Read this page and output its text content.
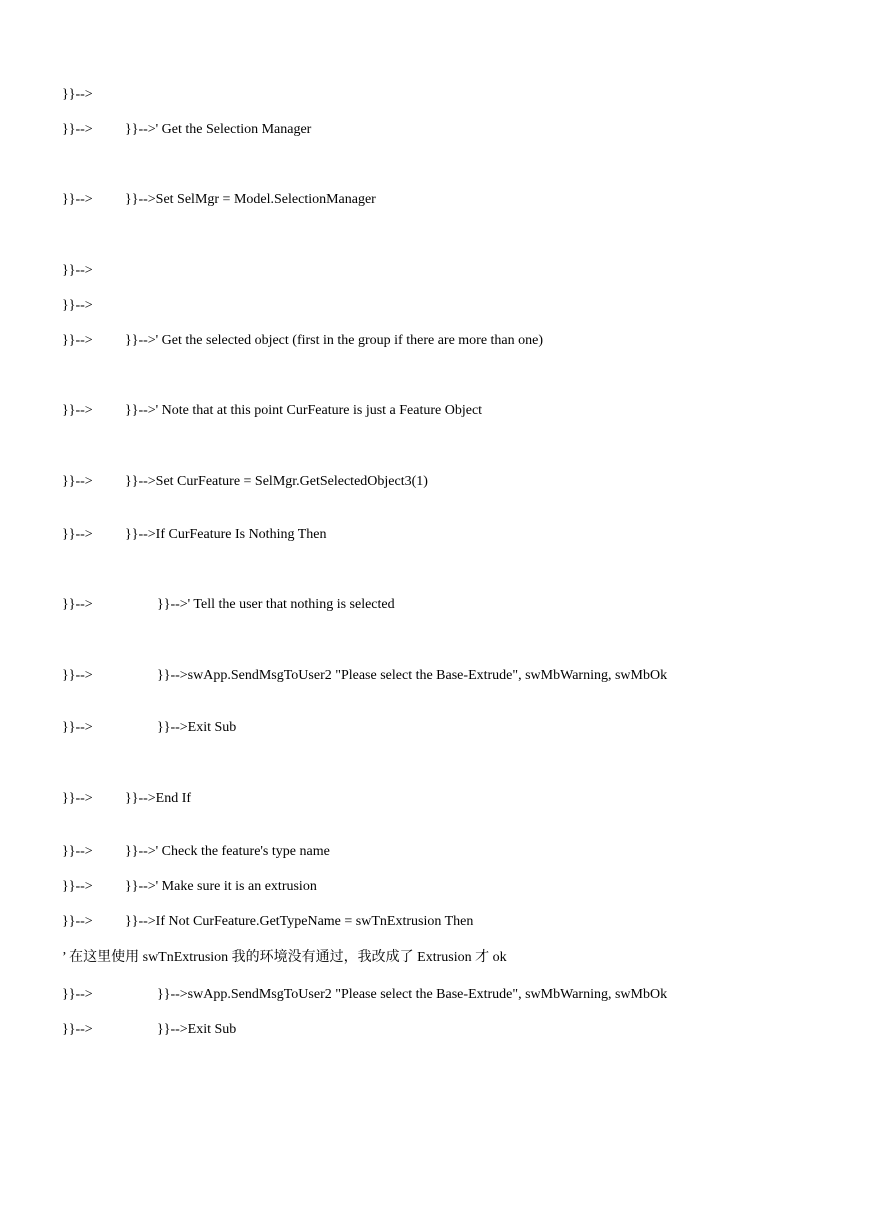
}}-->

}}-->

}}-->' Get the Selection Manager

}}-->

}}-->Set SelMgr = Model.SelectionManager

}}-->

}}-->

}}-->

}}-->' Get the selected object (first in the group if there are more than one)

}}-->

}}-->' Note that at this point CurFeature is just a Feature Object

}}-->

}}-->Set CurFeature = SelMgr.GetSelectedObject3(1)

}}-->

}}-->If CurFeature Is Nothing Then

}}-->

	}}-->' Tell the user that nothing is selected

}}-->

	}}-->swApp.SendMsgToUser2 "Please select the Base-Extrude", swMbWarning, swMbOk

}}-->

	}}-->Exit Sub

}}-->

}}-->End If

}}-->

}}-->' Check the feature's type name

}}-->

}}-->' Make sure it is an extrusion

}}-->

}}-->If Not CurFeature.GetTypeName = swTnExtrusion Then

’ 在这里使用 swTnExtrusion 我的环境没有通过，我改成了 Extrusion 才 ok

}}-->

	}}-->swApp.SendMsgToUser2 "Please select the Base-Extrude", swMbWarning, swMbOk

}}-->

	}}-->Exit Sub
